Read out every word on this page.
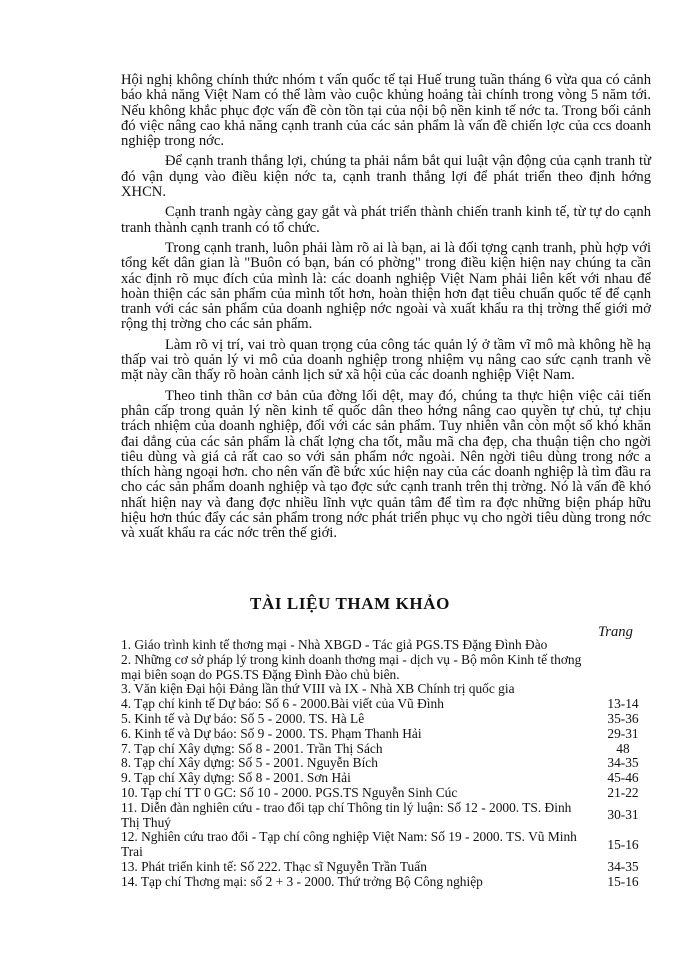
Hội nghị không chính thức nhóm t vấn quốc tế tại Huế trung tuần tháng 6 vừa qua có cảnh báo khả năng Việt Nam có thể làm vào cuộc khủng hoảng tài chính trong vòng 5 năm tới. Nếu không khắc phục đợc vấn đề còn tồn tại của nội bộ nền kinh tế nớc ta. Trong bối cảnh đó việc nâng cao khả năng cạnh tranh của các sản phẩm là vấn đề chiến lợc của ccs doanh nghiệp trong nớc.

Để cạnh tranh thắng lợi, chúng ta phải nắm bắt qui luật vận động của cạnh tranh từ đó vận dụng vào điều kiện nớc ta, cạnh tranh thắng lợi để phát triển theo định hớng XHCN.

Cạnh tranh ngày càng gay gắt và phát triển thành chiến tranh kinh tế, từ tự do cạnh tranh thành cạnh tranh có tổ chức.

Trong cạnh tranh, luôn phải làm rõ ai là bạn, ai là đối tợng cạnh tranh, phù hợp với tổng kết dân gian là "Buôn có bạn, bán có phờng" trong điều kiện hiện nay chúng ta cần xác định rõ mục đích của mình là: các doanh nghiệp Việt Nam phải liên kết với nhau để hoàn thiện các sản phẩm của mình tốt hơn, hoàn thiện hơn đạt tiêu chuẩn quốc tế để cạnh tranh với các sản phẩm của doanh nghiệp nớc ngoài và xuất khẩu ra thị trờng thế giới mở rộng thị trờng cho các sản phẩm.

Làm rõ vị trí, vai trò quan trọng của công tác quản lý ở tầm vĩ mô mà không hề hạ thấp vai trò quản lý vi mô của doanh nghiệp trong nhiệm vụ nâng cao sức cạnh tranh về mặt này cần thấy rõ hoàn cảnh lịch sử xã hội của các doanh nghiệp Việt Nam.

Theo tinh thần cơ bản của đờng lối dệt, may đó, chúng ta thực hiện việc cải tiến phân cấp trong quản lý nền kinh tế quốc dân theo hớng nâng cao quyền tự chủ, tự chịu trách nhiệm của doanh nghiệp, đối với các sản phẩm. Tuy nhiên vẫn còn một số khó khăn đai dẳng của các sản phẩm là chất lợng cha tốt, mẫu mã cha đẹp, cha thuận tiện cho ngời tiêu dùng và giá cả rất cao so với sản phẩm nớc ngoài. Nên ngời tiêu dùng trong nớc a thích hàng ngoại hơn. cho nên vấn đề bức xúc hiện nay của các doanh nghiệp là tìm đầu ra cho các sản phẩm doanh nghiệp và tạo đợc sức cạnh tranh trên thị trờng. Nó là vấn đề khó nhất hiện nay và đang đợc nhiều lĩnh vực quản tâm để tìm ra đợc những biện pháp hữu hiệu hơn thúc đẩy các sản phẩm trong nớc phát triển phục vụ cho ngời tiêu dùng trong nớc và xuất khẩu ra các nớc trên thế giới.

TÀI LIỆU THAM KHẢO
Trang
1. Giáo trình kinh tế thơng mại - Nhà XBGD - Tác giả PGS.TS Đặng Đình Đào
2. Những cơ sở pháp lý trong kinh doanh thơng mại - dịch vụ - Bộ môn Kinh tế thơng mại biên soạn do PGS.TS Đặng Đình Đào chủ biên.
3. Văn kiện Đại hội Đảng lần thứ VIII và IX - Nhà XB Chính trị quốc gia
4. Tạp chí kinh tế Dự báo: Số 6 - 2000.Bài viết của Vũ Đình	13-14
5. Kinh tế và Dự báo: Số 5 - 2000. TS. Hà Lê	35-36
6. Kinh tế và Dự báo: Số 9 - 2000. TS. Phạm Thanh Hải	29-31
7. Tạp chí Xây dựng: Số 8 - 2001. Trần Thị Sách	48
8. Tạp chí Xây dựng: Số 5 - 2001. Nguyễn Bích	34-35
9. Tạp chí Xây dựng: Số 8 - 2001. Sơn Hải	45-46
10. Tạp chí TT 0 GC: Số 10 - 2000. PGS.TS Nguyễn Sinh Cúc	21-22
11. Diễn đàn nghiên cứu - trao đổi tạp chí Thông tin lý luận: Số 12 - 2000. TS. Đinh Thị Thuý	30-31
12. Nghiên cứu trao đổi - Tạp chí công nghiệp Việt Nam: Số 19 - 2000. TS. Vũ Minh Trai	15-16
13. Phát triển kinh tế: Số 222. Thạc sĩ Nguyễn Trần Tuấn	34-35
14. Tạp chí Thơng mại: số 2 + 3 - 2000. Thứ trởng Bộ Công nghiệp	15-16
